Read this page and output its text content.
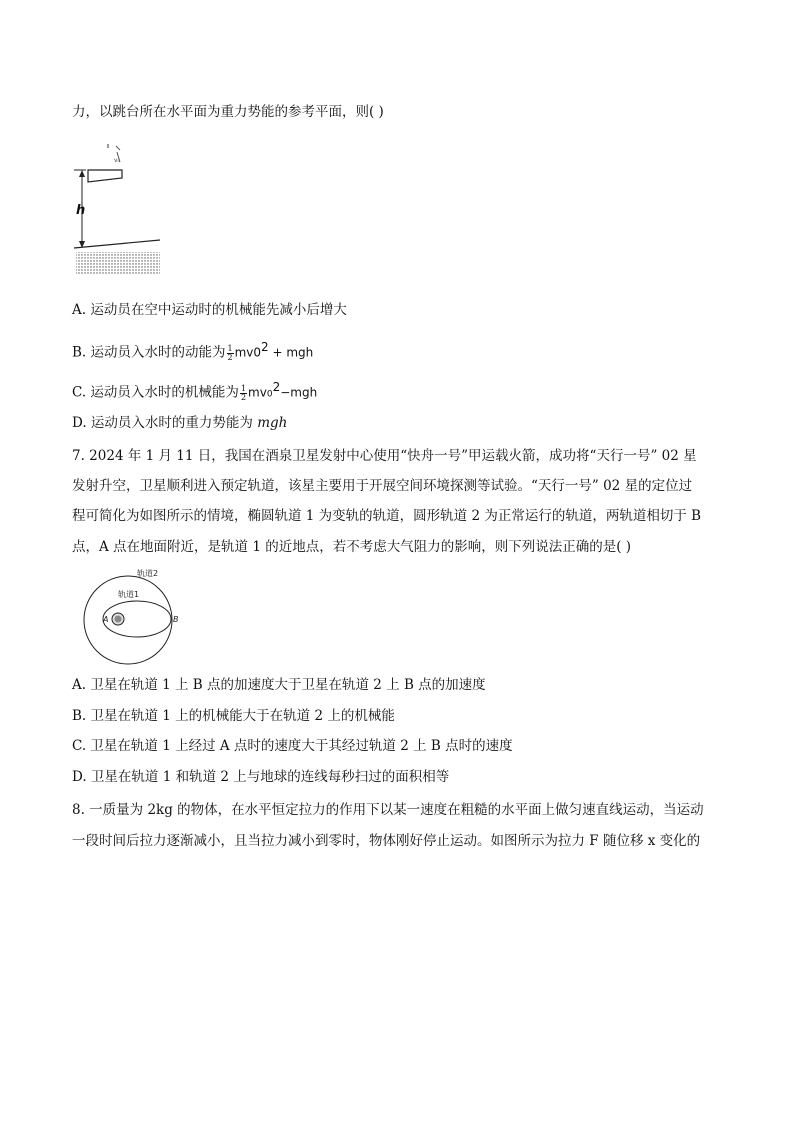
力，以跳台所在水平面为重力势能的参考平面，则( )
v₀
h
A. 运动员在空中运动时的机械能先减小后增大
B. 运动员入水时的动能为 $\frac{1}{2} mv0^2$ + mgh
C. 运动员入水时的机械能为 $\frac{1}{2} mv0^2-mgh$
D. 运动员入水时的重力势能为 mgh
7. 2024 年 1 月 11 日，我国在酒泉卫星发射中心使用“快舟一号”甲运载火箭，成功将“天行一号” 02 星
发射升空，卫星顺利进入预定轨道，该星主要用于开展空间环境探测等试验。“天行一号” 02 星的定位过
程可简化为如图所示的情境，椭圆轨道 1 为变轨的轨道，圆形轨道 2 为正常运行的轨道，两轨道相切于 B
点，A 点在地面附近，是轨道 1 的近地点，若不考虑大气阻力的影响，则下列说法正确的是( )
轨道2
轨道1
A	B
A. 卫星在轨道 1 上 B 点的加速度大于卫星在轨道 2 上 B 点的加速度
B. 卫星在轨道 1 上的机械能大于在轨道 2 上的机械能
C. 卫星在轨道 1 上经过 A 点时的速度大于其经过轨道 2 上 B 点时的速度
D. 卫星在轨道 1 和轨道 2 上与地球的连线每秒扫过的面积相等
8. 一质量为 2kg 的物体，在水平恒定拉力的作用下以某一速度在粗糙的水平面上做匀速直线运动，当运动
一段时间后拉力逐渐减小，且当拉力减小到零时，物体刚好停止运动。如图所示为拉力 F 随位移 x 变化的
